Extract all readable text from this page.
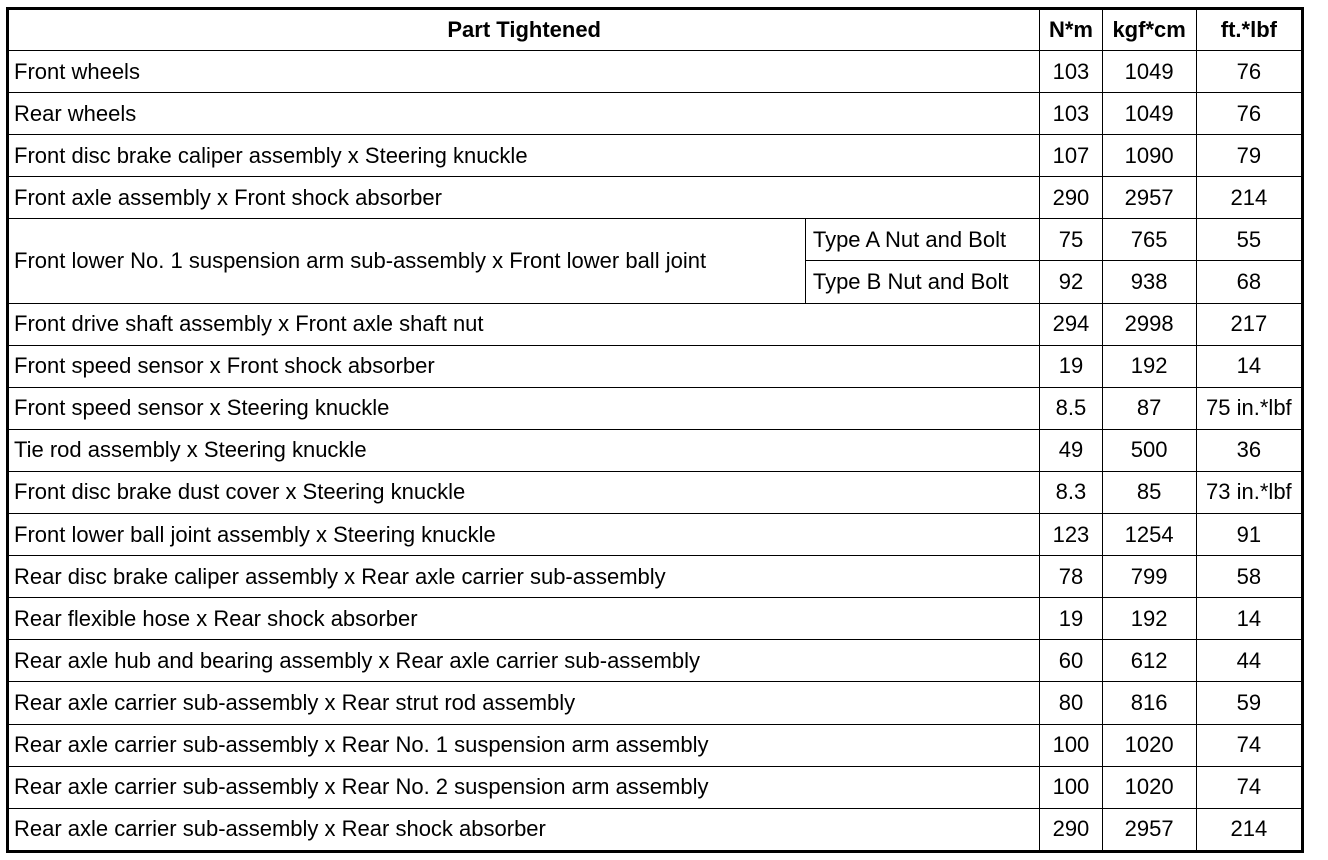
Part Tightened		N*m	kgf*cm	ft.*lbf
Front wheels		103	1049	76
Rear wheels		103	1049	76
Front disc brake caliper assembly x Steering knuckle		107	1090	79
Front axle assembly x Front shock absorber		290	2957	214
Front lower No. 1 suspension arm sub-assembly x Front lower ball joint	Type A Nut and Bolt	75	765	55
	Type B Nut and Bolt	92	938	68
Front drive shaft assembly x Front axle shaft nut		294	2998	217
Front speed sensor x Front shock absorber		19	192	14
Front speed sensor x Steering knuckle		8.5	87	75 in.*lbf
Tie rod assembly x Steering knuckle		49	500	36
Front disc brake dust cover x Steering knuckle		8.3	85	73 in.*lbf
Front lower ball joint assembly x Steering knuckle		123	1254	91
Rear disc brake caliper assembly x Rear axle carrier sub-assembly		78	799	58
Rear flexible hose x Rear shock absorber		19	192	14
Rear axle hub and bearing assembly x Rear axle carrier sub-assembly		60	612	44
Rear axle carrier sub-assembly x Rear strut rod assembly		80	816	59
Rear axle carrier sub-assembly x Rear No. 1 suspension arm assembly		100	1020	74
Rear axle carrier sub-assembly x Rear No. 2 suspension arm assembly		100	1020	74
Rear axle carrier sub-assembly x Rear shock absorber		290	2957	214
